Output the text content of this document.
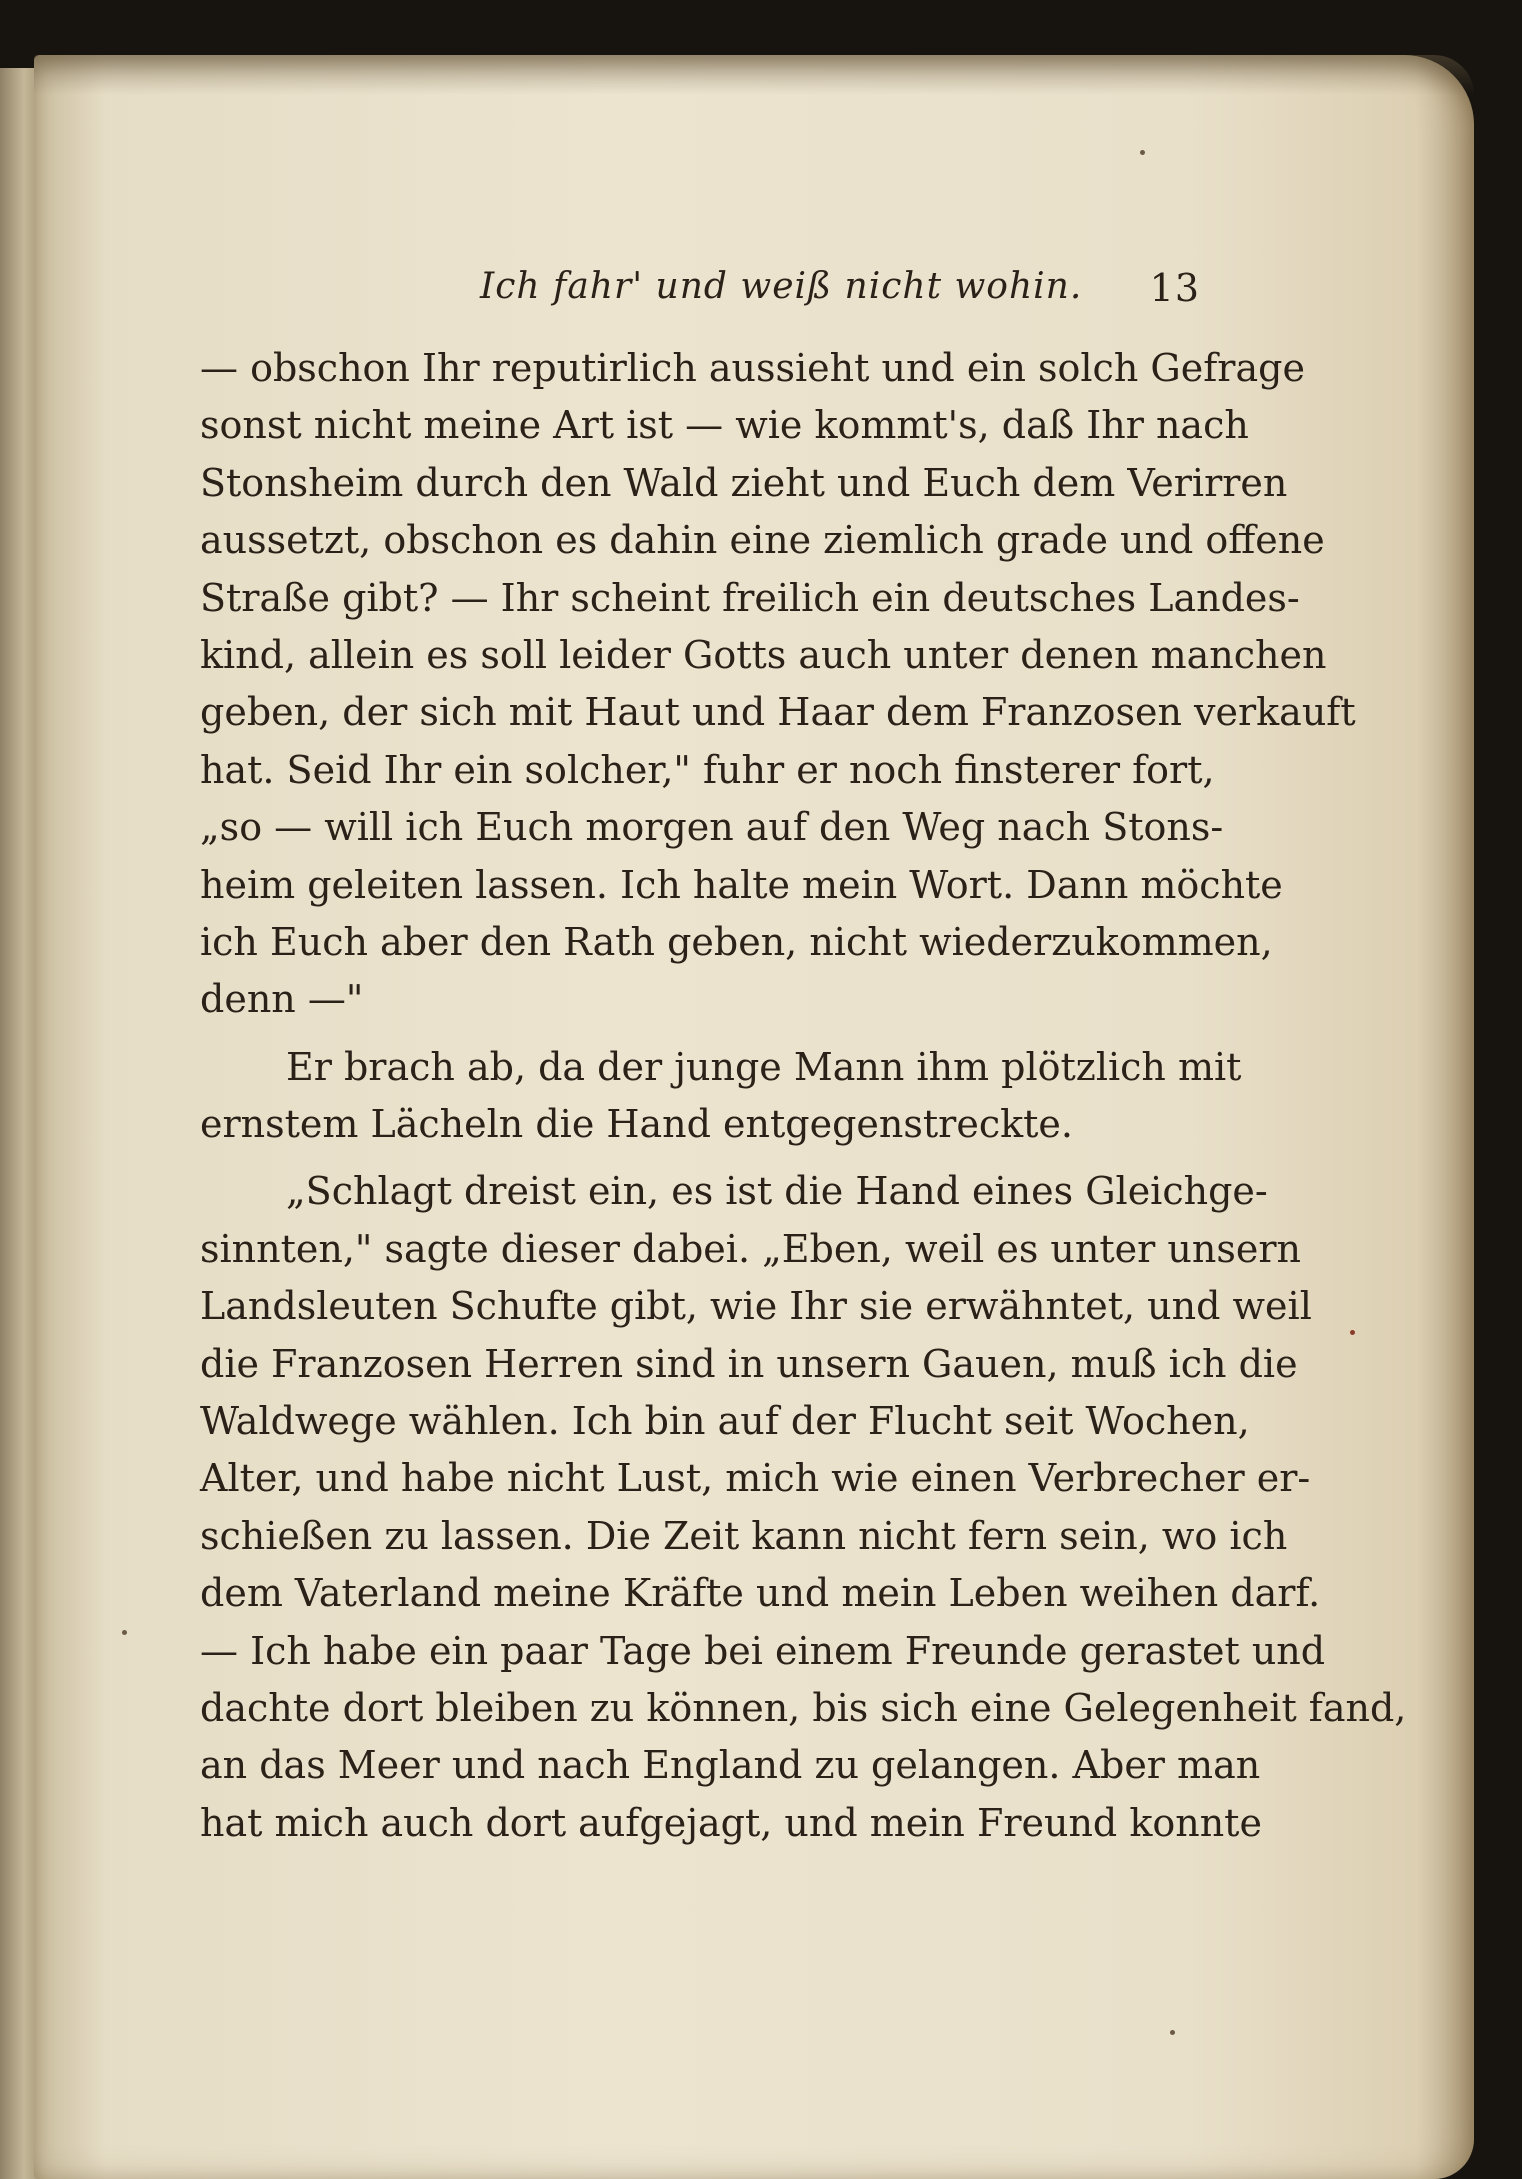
Ich fahr' und weiß nicht wohin. 13
— obschon Ihr reputirlich aussieht und ein solch Gefrage
sonst nicht meine Art ist — wie kommt's, daß Ihr nach
Stonsheim durch den Wald zieht und Euch dem Verirren
aussetzt, obschon es dahin eine ziemlich grade und offene
Straße gibt? — Ihr scheint freilich ein deutsches Landes-
kind, allein es soll leider Gotts auch unter denen manchen
geben, der sich mit Haut und Haar dem Franzosen verkauft
hat. Seid Ihr ein solcher," fuhr er noch finsterer fort,
„so — will ich Euch morgen auf den Weg nach Stons-
heim geleiten lassen. Ich halte mein Wort. Dann möchte
ich Euch aber den Rath geben, nicht wiederzukommen,
denn —"
Er brach ab, da der junge Mann ihm plötzlich mit
ernstem Lächeln die Hand entgegenstreckte.
„Schlagt dreist ein, es ist die Hand eines Gleichge-
sinnten," sagte dieser dabei. „Eben, weil es unter unsern
Landsleuten Schufte gibt, wie Ihr sie erwähntet, und weil
die Franzosen Herren sind in unsern Gauen, muß ich die
Waldwege wählen. Ich bin auf der Flucht seit Wochen,
Alter, und habe nicht Lust, mich wie einen Verbrecher er-
schießen zu lassen. Die Zeit kann nicht fern sein, wo ich
dem Vaterland meine Kräfte und mein Leben weihen darf.
— Ich habe ein paar Tage bei einem Freunde gerastet und
dachte dort bleiben zu können, bis sich eine Gelegenheit fand,
an das Meer und nach England zu gelangen. Aber man
hat mich auch dort aufgejagt, und mein Freund konnte
